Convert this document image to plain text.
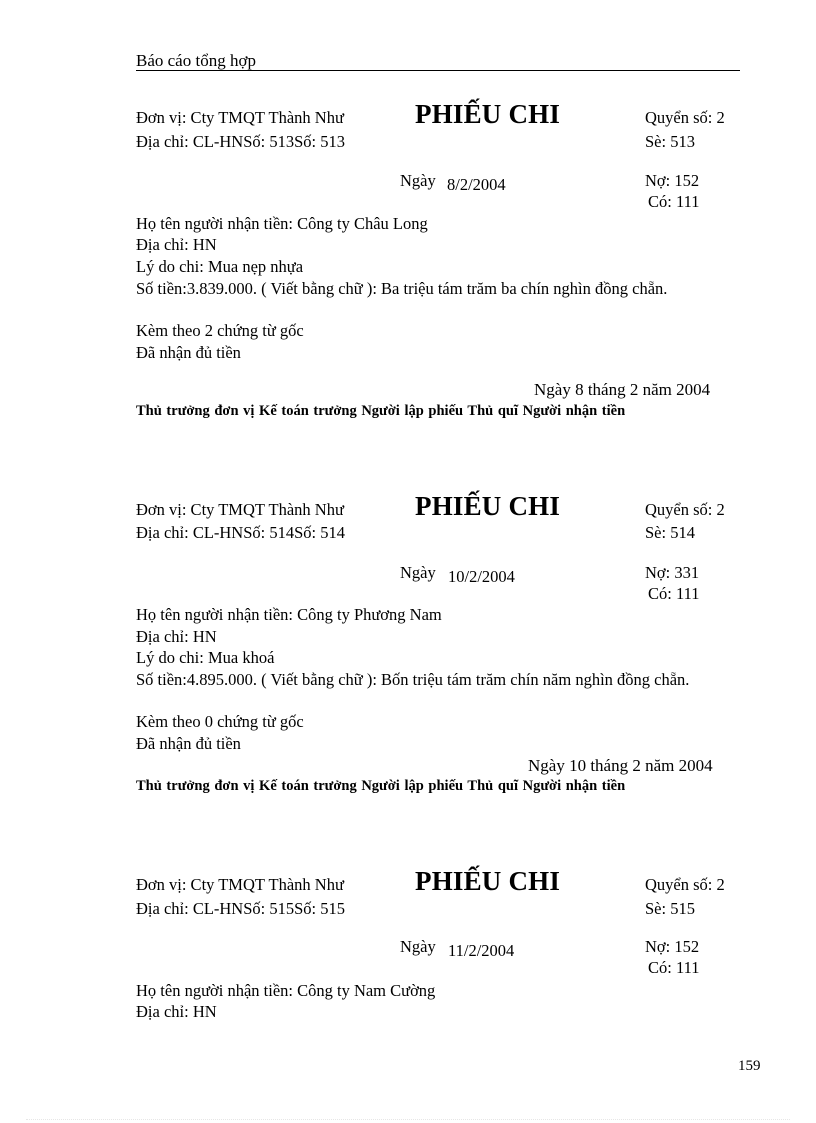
Báo cáo tổng hợp
Đơn vị: Cty TMQT Thành Như	PHIẾU CHI	Quyển số: 2
Địa chỉ: CL-HNSố: 513Số: 513	Sè: 513
Ngày 8/2/2004	Nợ: 152
Có: 111
Họ tên người nhận tiền: Công ty Châu Long
Địa chỉ: HN
Lý do chi: Mua nẹp nhựa
Số tiền:3.839.000. ( Viết bằng chữ ): Ba triệu tám trăm ba chín nghìn đồng chẵn.
Kèm theo 2 chứng từ gốc
Đã nhận đủ tiền
Ngày 8 tháng 2 năm 2004
Thủ trưởng đơn vị Kế toán trưởng Người lập phiếu Thủ quĩ Người nhận tiền
Đơn vị: Cty TMQT Thành Như	PHIẾU CHI	Quyển số: 2
Địa chỉ: CL-HNSố: 514Số: 514	Sè: 514
Ngày 10/2/2004	Nợ: 331
Có: 111
Họ tên người nhận tiền: Công ty Phương Nam
Địa chỉ: HN
Lý do chi: Mua khoá
Số tiền:4.895.000. ( Viết bằng chữ ): Bốn triệu tám trăm chín năm nghìn đồng chẵn.
Kèm theo 0 chứng từ gốc
Đã nhận đủ tiền
Ngày 10 tháng 2 năm 2004
Thủ trưởng đơn vị Kế toán trưởng Người lập phiếu Thủ quĩ Người nhận tiền
Đơn vị: Cty TMQT Thành Như	PHIẾU CHI	Quyển số: 2
Địa chỉ: CL-HNSố: 515Số: 515	Sè: 515
Ngày 11/2/2004	Nợ: 152
Có: 111
Họ tên người nhận tiền: Công ty Nam Cường
Địa chỉ: HN
159
